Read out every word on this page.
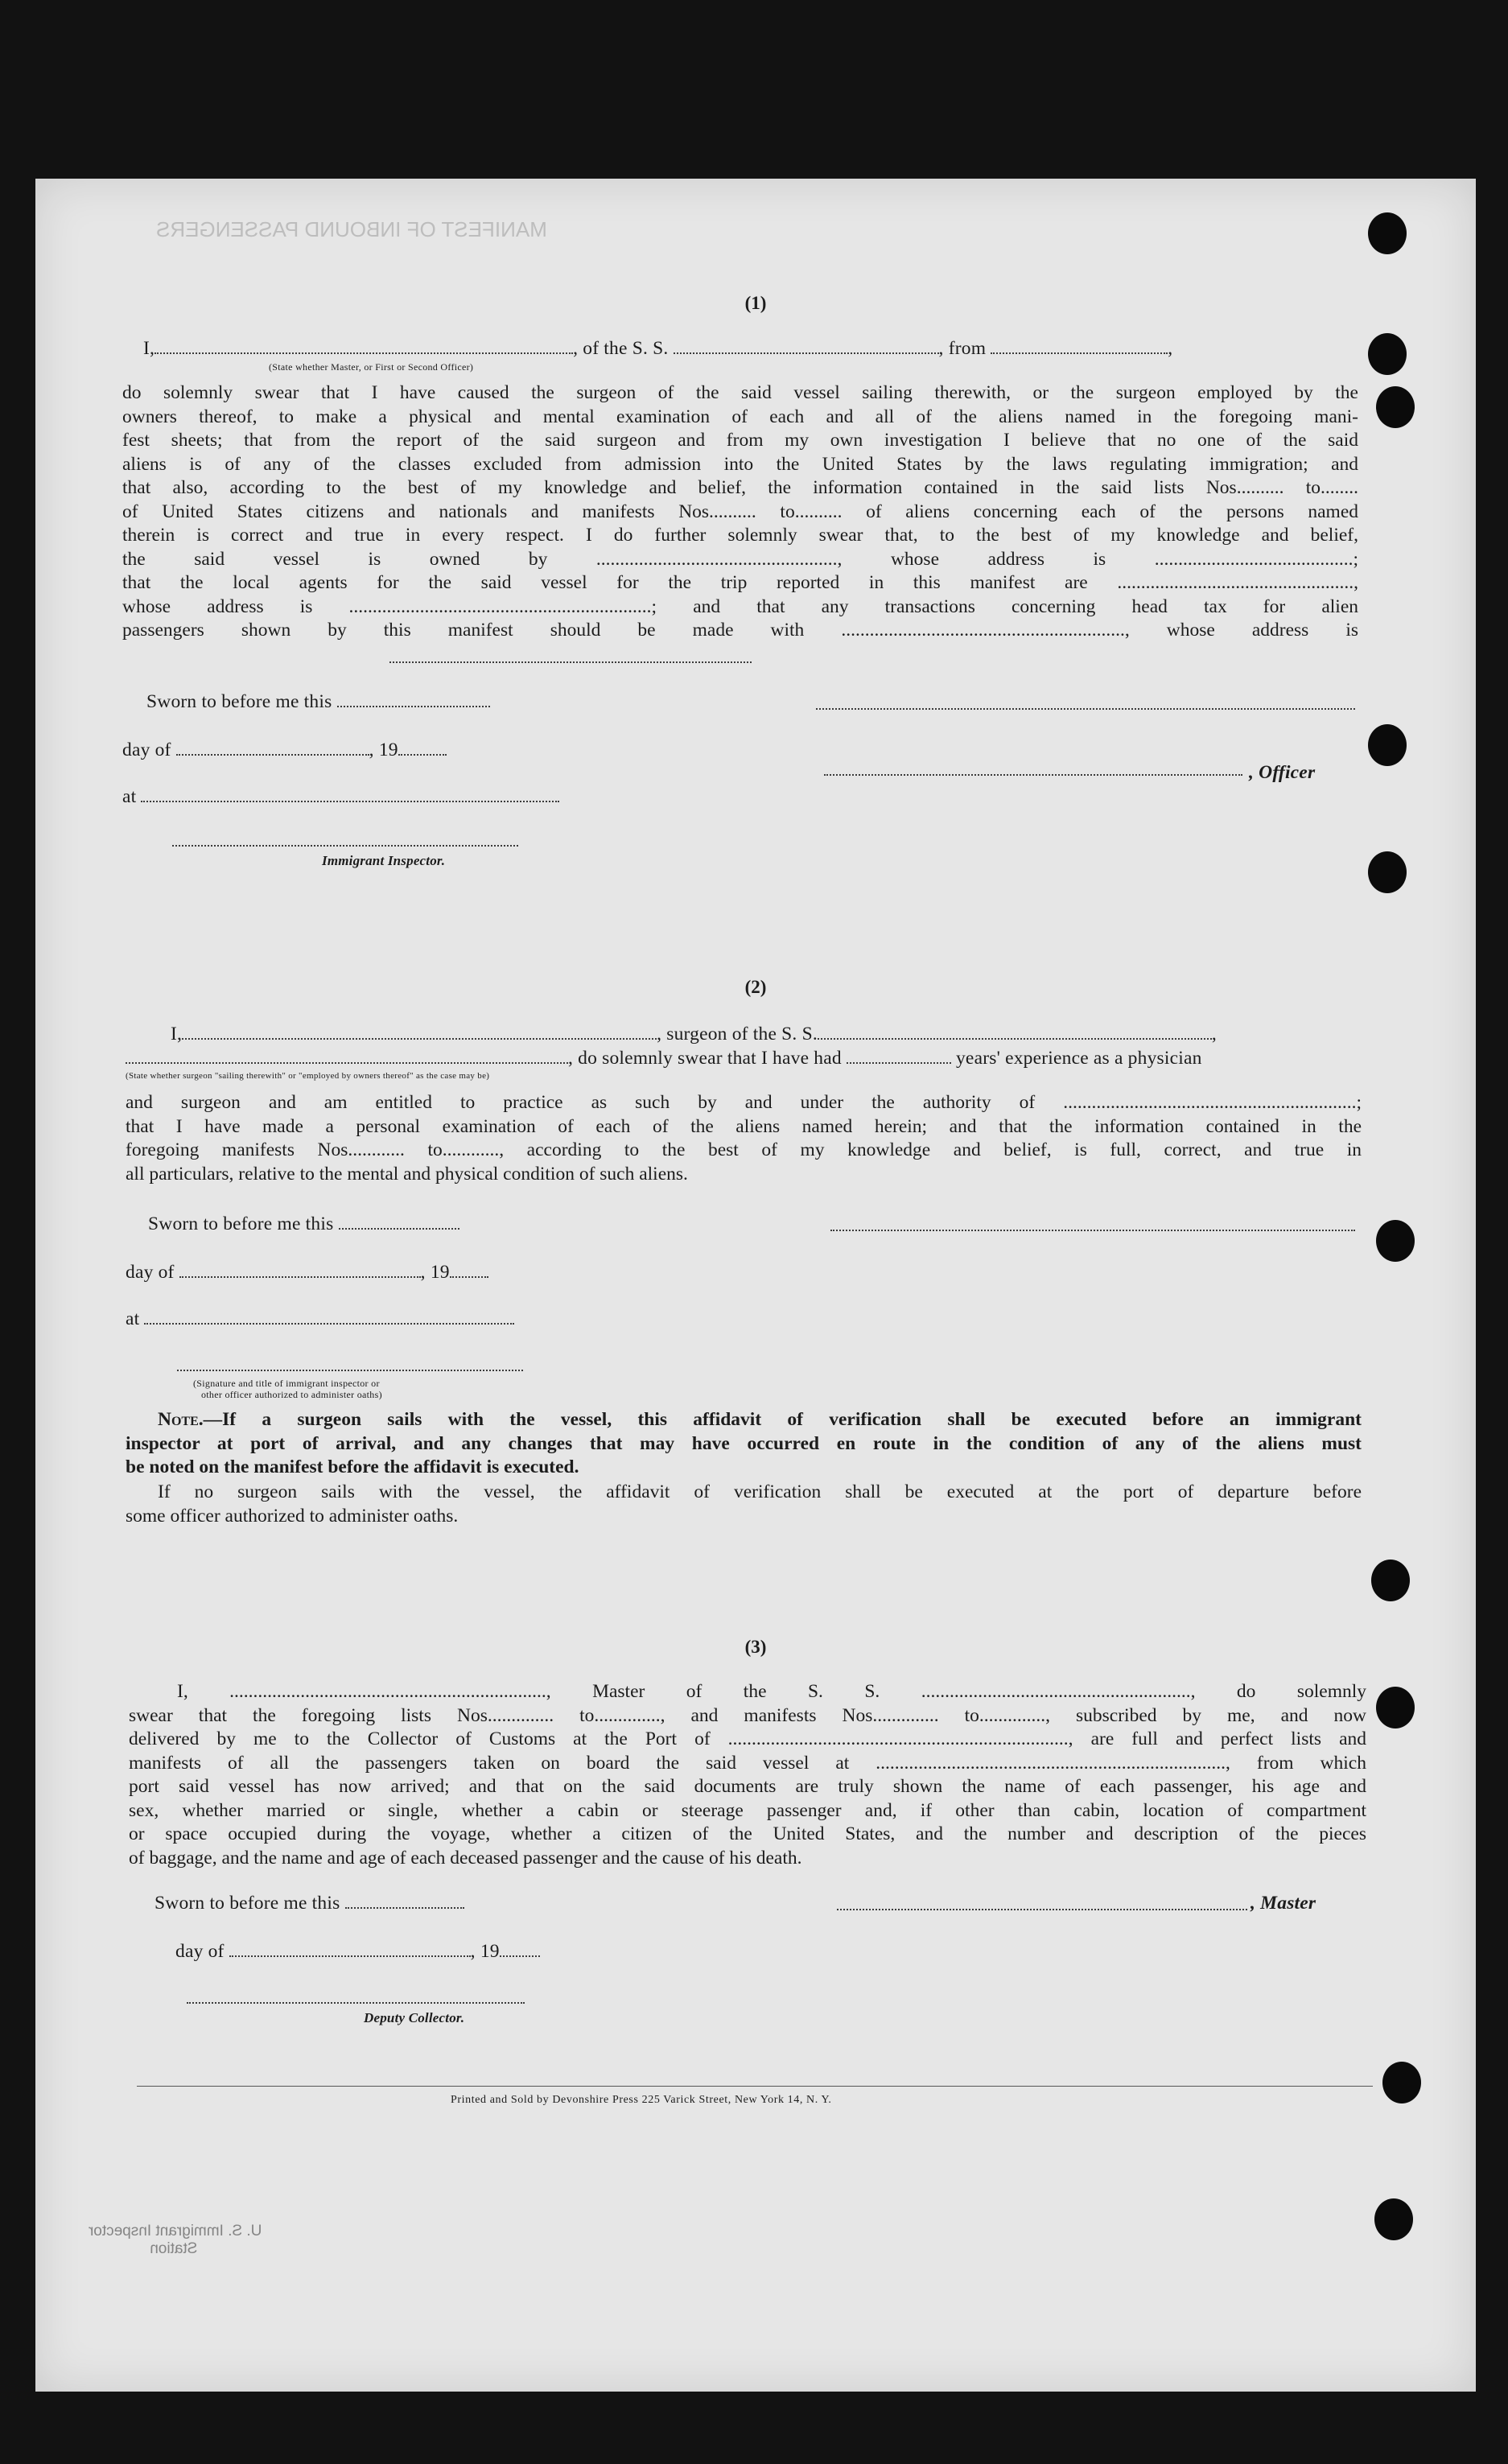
(1)
I,	, of the S. S.	, from	,
(State whether Master, or First or Second Officer)
do solemnly swear that I have caused the surgeon of the said vessel sailing therewith, or the surgeon employed by the
owners thereof, to make a physical and mental examination of each and all of the aliens named in the foregoing mani-
fest sheets; that from the report of the said surgeon and from my own investigation I believe that no one of the said
aliens is of any of the classes excluded from admission into the United States by the laws regulating immigration; and
that also, according to the best of my knowledge and belief, the information contained in the said lists Nos.......... to........
of United States citizens and nationals and manifests Nos.......... to.......... of aliens concerning each of the persons named
therein is correct and true in every respect. I do further solemnly swear that, to the best of my knowledge and belief,
the said vessel is owned by ..................................................., whose address is ..........................................;
that the local agents for the said vessel for the trip reported in this manifest are ..................................................,
whose address is ................................................................; and that any transactions concerning head tax for alien
passengers shown by this manifest should be made with ............................................................, whose address is
Sworn to before me this
day of	, 19
at
, Officer
Immigrant Inspector.
(2)
I,	, surgeon of the S. S.	,
, do solemnly swear that I have had	years' experience as a physician
(State whether surgeon "sailing therewith" or "employed by owners thereof" as the case may be)
and surgeon and am entitled to practice as such by and under the authority of ..............................................................;
that I have made a personal examination of each of the aliens named herein; and that the information contained in the
foregoing manifests Nos............ to............, according to the best of my knowledge and belief, is full, correct, and true in
all particulars, relative to the mental and physical condition of such aliens.
Sworn to before me this
day of	, 19
at
(Signature and title of immigrant inspector or
other officer authorized to administer oaths)
Note.—If a surgeon sails with the vessel, this affidavit of verification shall be executed before an immigrant
inspector at port of arrival, and any changes that may have occurred en route in the condition of any of the aliens must
be noted on the manifest before the affidavit is executed.
If no surgeon sails with the vessel, the affidavit of verification shall be executed at the port of departure before
some officer authorized to administer oaths.
(3)
I, ..................................................................., Master of the S. S. ........................................................., do solemnly
swear that the foregoing lists Nos.............. to.............., and manifests Nos.............. to.............., subscribed by me, and now
delivered by me to the Collector of Customs at the Port of ........................................................................, are full and perfect lists and
manifests of all the passengers taken on board the said vessel at .........................................................................., from which
port said vessel has now arrived; and that on the said documents are truly shown the name of each passenger, his age and
sex, whether married or single, whether a cabin or steerage passenger and, if other than cabin, location of compartment
or space occupied during the voyage, whether a citizen of the United States, and the number and description of the pieces
of baggage, and the name and age of each deceased passenger and the cause of his death.
Sworn to before me this	, Master
day of	, 19
Deputy Collector.
Printed and Sold by Devonshire Press 225 Varick Street, New York 14, N. Y.
MANIFEST OF INBOUND PASSENGERS
U. S. Immigrant Inspector
Station
